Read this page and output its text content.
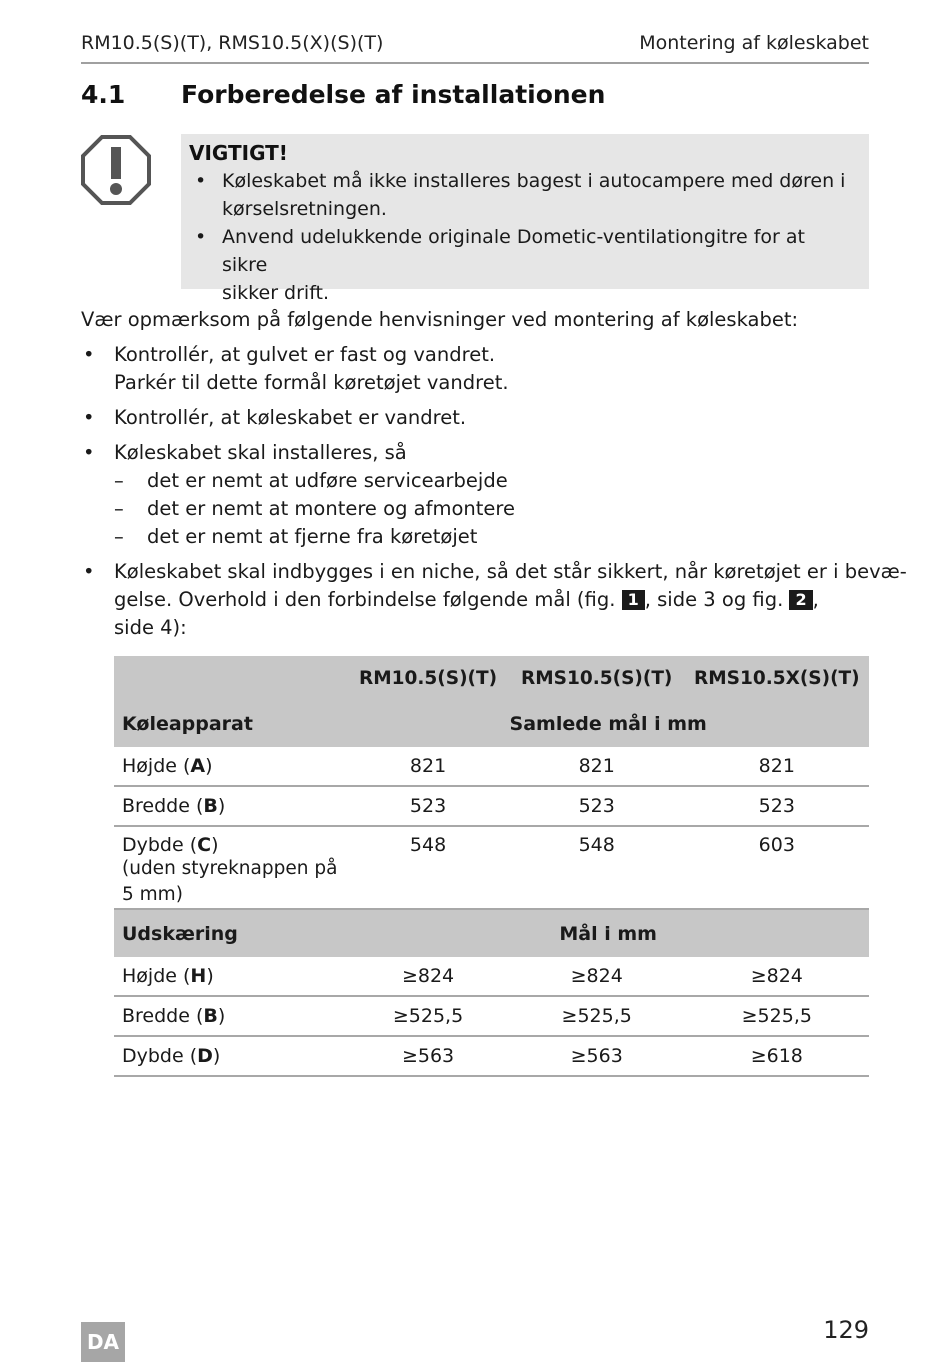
RM10.5(S)(T), RMS10.5(X)(S)(T)	Montering af køleskabet
4.1 Forberedelse af installationen
VIGTIGT!
• Køleskabet må ikke installeres bagest i autocampere med døren i
kørselsretningen.
• Anvend udelukkende originale Dometic-ventilationgitre for at sikre
sikker drift.
Vær opmærksom på følgende henvisninger ved montering af køleskabet:
• Kontrollér, at gulvet er fast og vandret.
Parkér til dette formål køretøjet vandret.
• Kontrollér, at køleskabet er vandret.
• Køleskabet skal installeres, så
– det er nemt at udføre servicearbejde
– det er nemt at montere og afmontere
– det er nemt at fjerne fra køretøjet
• Køleskabet skal indbygges i en niche, så det står sikkert, når køretøjet er i bevæ-
gelse. Overhold i den forbindelse følgende mål (fig. 1 , side 3 og fig. 2 ,
side 4):
	RM10.5(S)(T)	RMS10.5(S)(T)	RMS10.5X(S)(T)
Køleapparat	Samlede mål i mm		
Højde (A)	821	821	821
Bredde (B)	523	523	523
Dybde (C)
(uden styreknappen på 5 mm)	548	548	603
Udskæring	Mål i mm		
Højde (H)	≥824	≥824	≥824
Bredde (B)	≥525,5	≥525,5	≥525,5
Dybde (D)	≥563	≥563	≥618
DA	129
